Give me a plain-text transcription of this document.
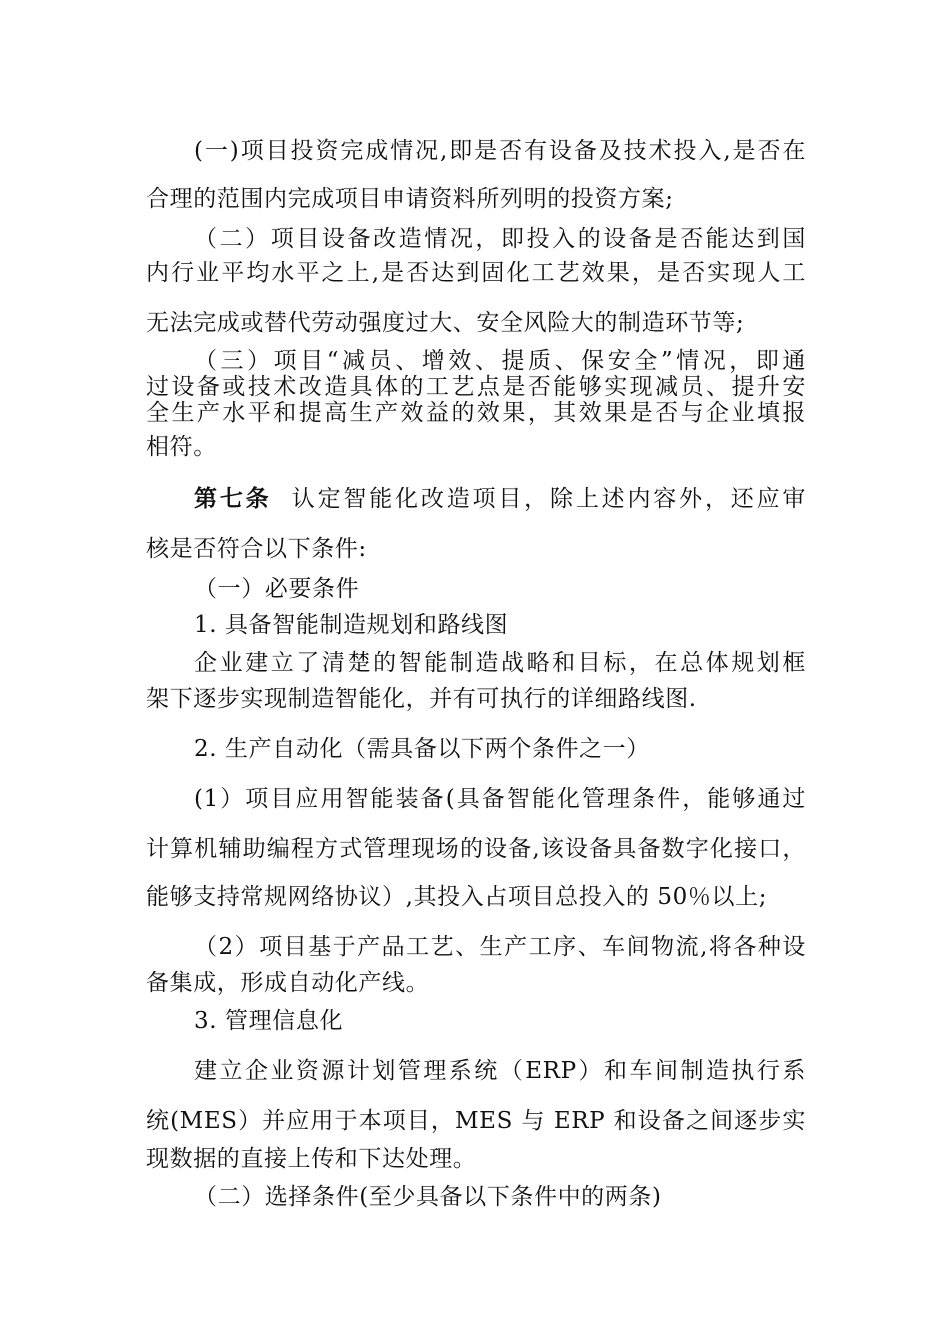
(一)项目投资完成情况,即是否有设备及技术投入,是否在
合理的范围内完成项目申请资料所列明的投资方案;
（二）项目设备改造情况，即投入的设备是否能达到国
内行业平均水平之上,是否达到固化工艺效果，是否实现人工
无法完成或替代劳动强度过大、安全风险大的制造环节等;
（三）项目“减员、增效、提质、保安全”情况，即通
过设备或技术改造具体的工艺点是否能够实现减员、提升安
全生产水平和提高生产效益的效果，其效果是否与企业填报
相符。
第七条 认定智能化改造项目，除上述内容外，还应审
核是否符合以下条件:
（一）必要条件
1. 具备智能制造规划和路线图
企业建立了清楚的智能制造战略和目标，在总体规划框
架下逐步实现制造智能化，并有可执行的详细路线图.
2. 生产自动化（需具备以下两个条件之一）
(1）项目应用智能装备(具备智能化管理条件，能够通过
计算机辅助编程方式管理现场的设备,该设备具备数字化接口，
能够支持常规网络协议）,其投入占项目总投入的 50％以上;
（2）项目基于产品工艺、生产工序、车间物流,将各种设
备集成，形成自动化产线。
3. 管理信息化
建立企业资源计划管理系统（ERP）和车间制造执行系
统(MES）并应用于本项目，MES 与 ERP 和设备之间逐步实
现数据的直接上传和下达处理。
（二）选择条件(至少具备以下条件中的两条)
